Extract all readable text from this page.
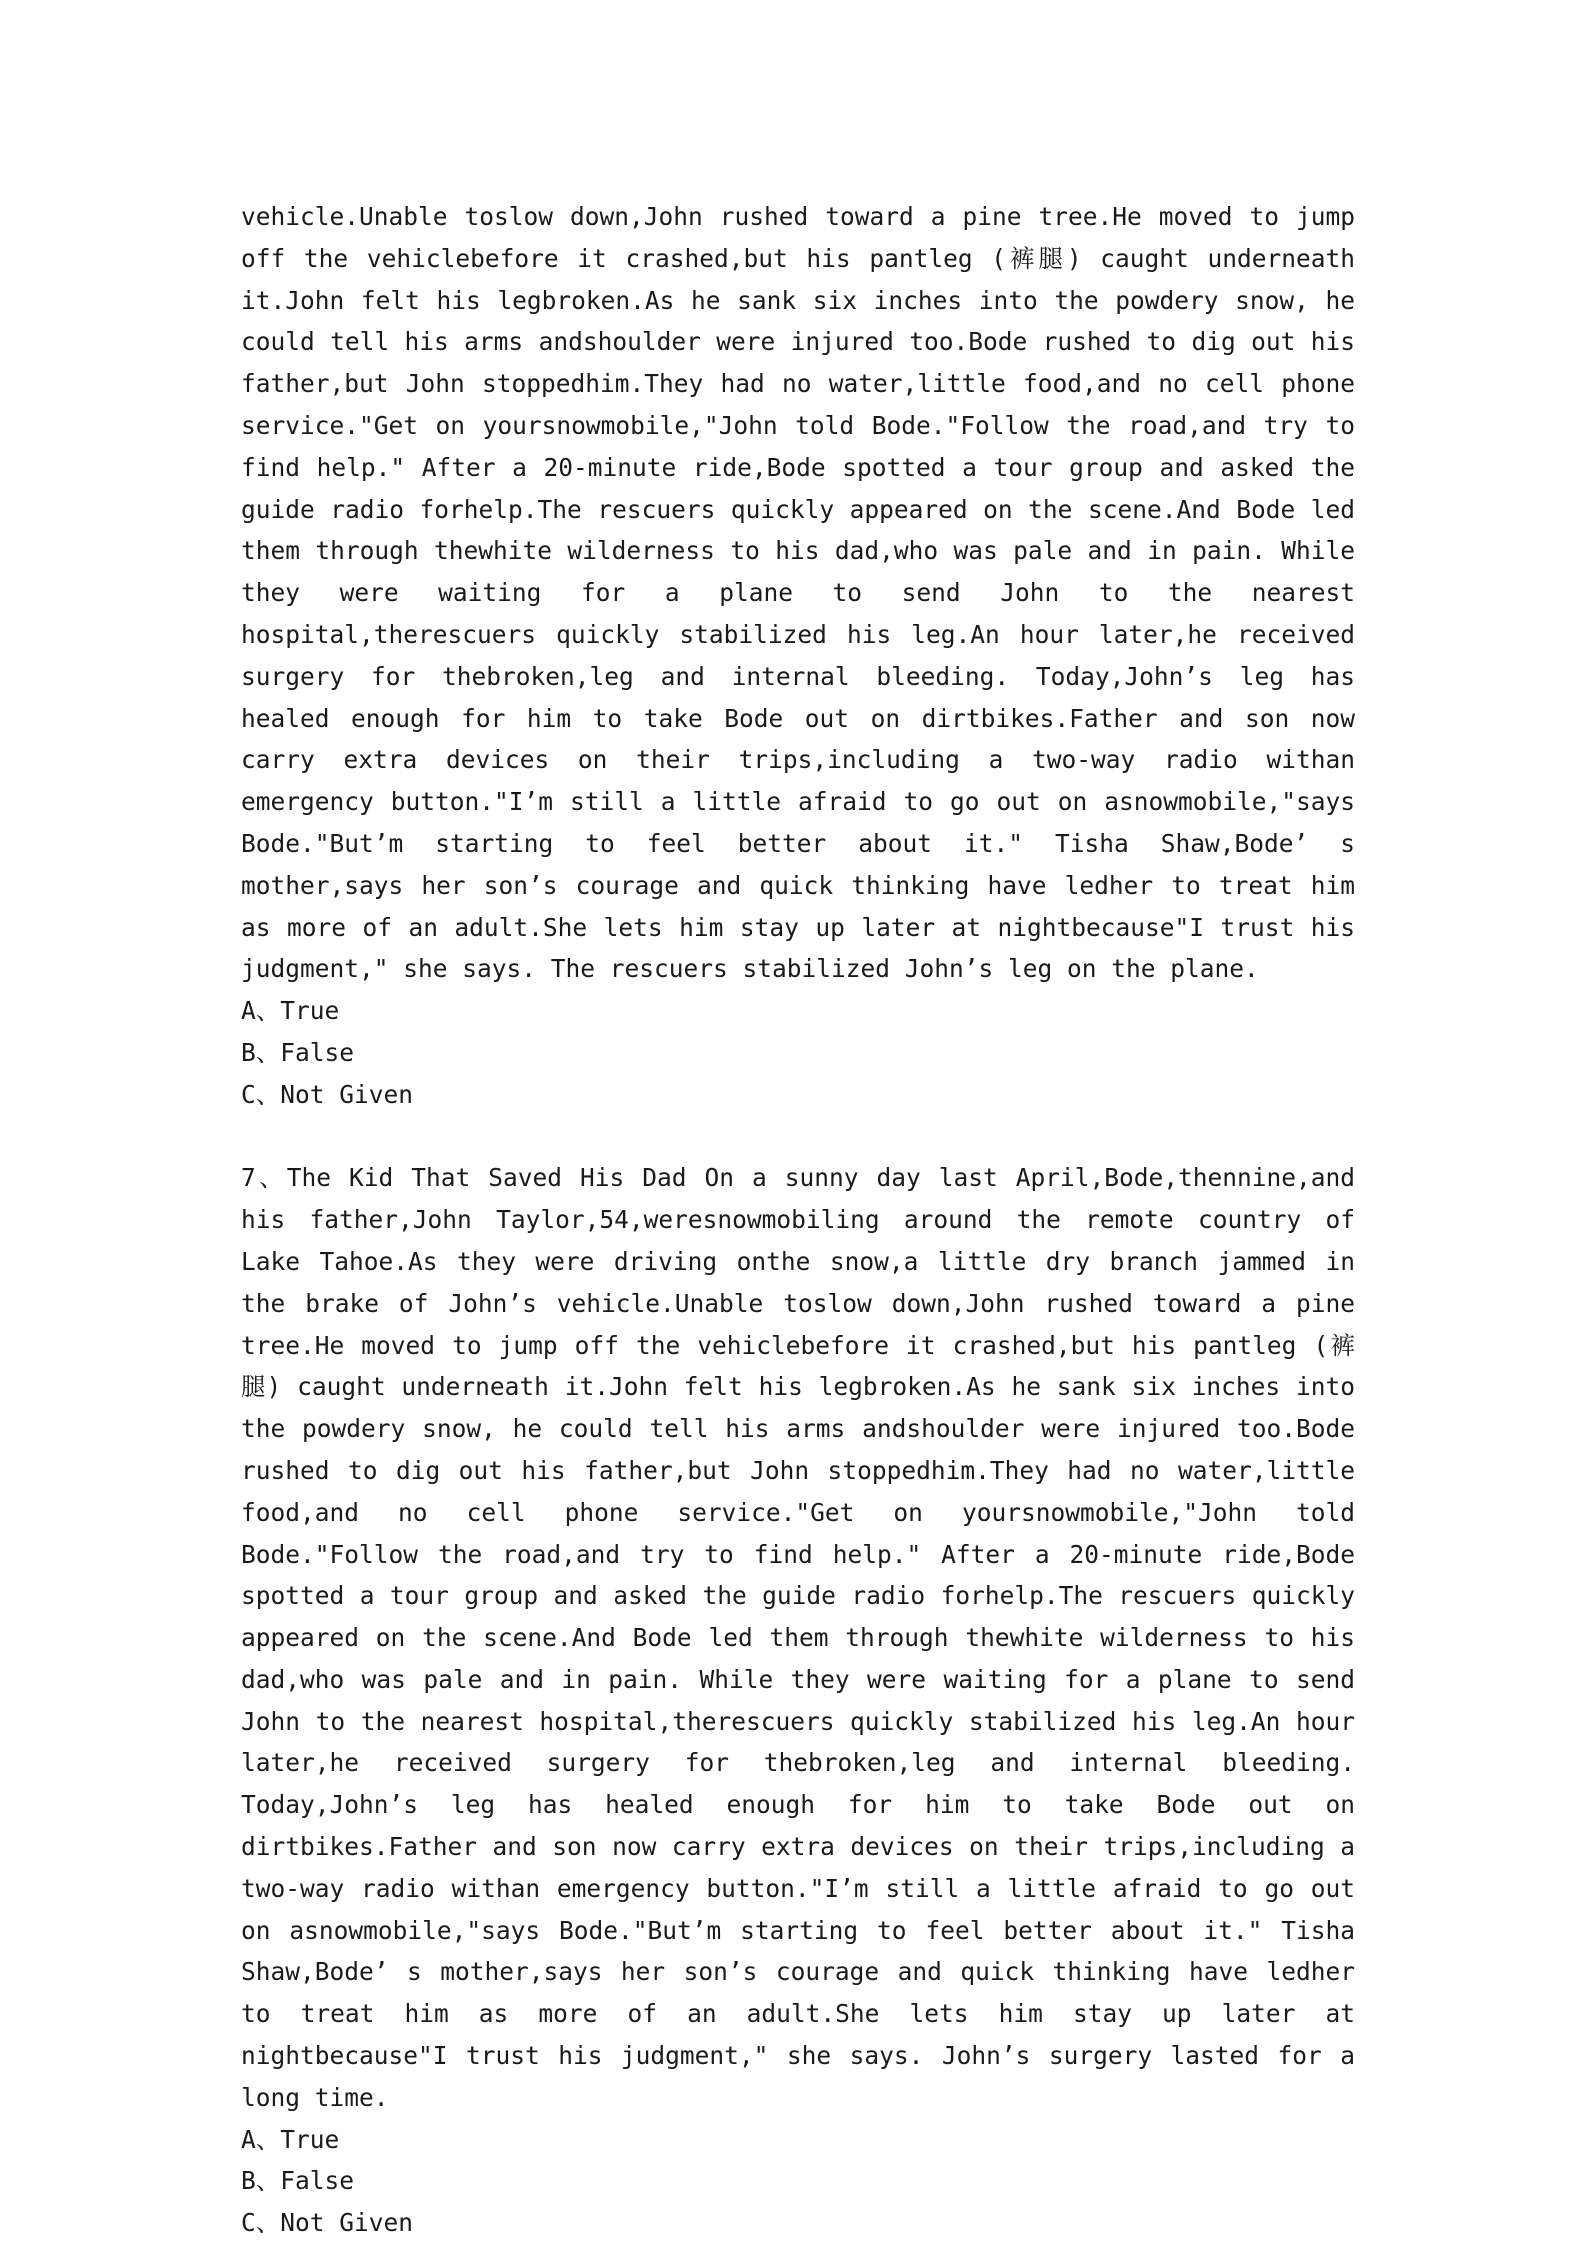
vehicle.Unable toslow down,John rushed toward a pine tree.He moved to jump off the vehiclebefore it crashed,but his pantleg (裤腿) caught underneath it.John felt his legbroken.As he sank six inches into the powdery snow, he could tell his arms andshoulder were injured too.Bode rushed to dig out his father,but John stoppedhim.They had no water,little food,and no cell phone service."Get on yoursnowmobile,"John told Bode."Follow the road,and try to find help." After a 20-minute ride,Bode spotted a tour group and asked the guide radio forhelp.The rescuers quickly appeared on the scene.And Bode led them through thewhite wilderness to his dad,who was pale and in pain. While they were waiting for a plane to send John to the nearest hospital,therescuers quickly stabilized his leg.An hour later,he received surgery for thebroken,leg and internal bleeding. Today,John’s leg has healed enough for him to take Bode out on dirtbikes.Father and son now carry extra devices on their trips,including a two-way radio withan emergency button."I’m still a little afraid to go out on asnowmobile,"says Bode."But’m starting to feel better about it." Tisha Shaw,Bode’ s mother,says her son’s courage and quick thinking have ledher to treat him as more of an adult.She lets him stay up later at nightbecause"I trust his judgment," she says. The rescuers stabilized John’s leg on the plane.

A、True
B、False
C、Not Given

7、The Kid That Saved His Dad On a sunny day last April,Bode,thennine,and his father,John Taylor,54,weresnowmobiling around the remote country of Lake Tahoe.As they were driving onthe snow,a little dry branch jammed in the brake of John’s vehicle.Unable toslow down,John rushed toward a pine tree.He moved to jump off the vehiclebefore it crashed,but his pantleg (裤腿) caught underneath it.John felt his legbroken.As he sank six inches into the powdery snow, he could tell his arms andshoulder were injured too.Bode rushed to dig out his father,but John stoppedhim.They had no water,little food,and no cell phone service."Get on yoursnowmobile,"John told Bode."Follow the road,and try to find help." After a 20-minute ride,Bode spotted a tour group and asked the guide radio forhelp.The rescuers quickly appeared on the scene.And Bode led them through thewhite wilderness to his dad,who was pale and in pain. While they were waiting for a plane to send John to the nearest hospital,therescuers quickly stabilized his leg.An hour later,he received surgery for thebroken,leg and internal bleeding. Today,John’s leg has healed enough for him to take Bode out on dirtbikes.Father and son now carry extra devices on their trips,including a two-way radio withan emergency button."I’m still a little afraid to go out on asnowmobile,"says Bode."But’m starting to feel better about it." Tisha Shaw,Bode’ s mother,says her son’s courage and quick thinking have ledher to treat him as more of an adult.She lets him stay up later at nightbecause"I trust his judgment," she says. John’s surgery lasted for a long time.

A、True
B、False
C、Not Given
